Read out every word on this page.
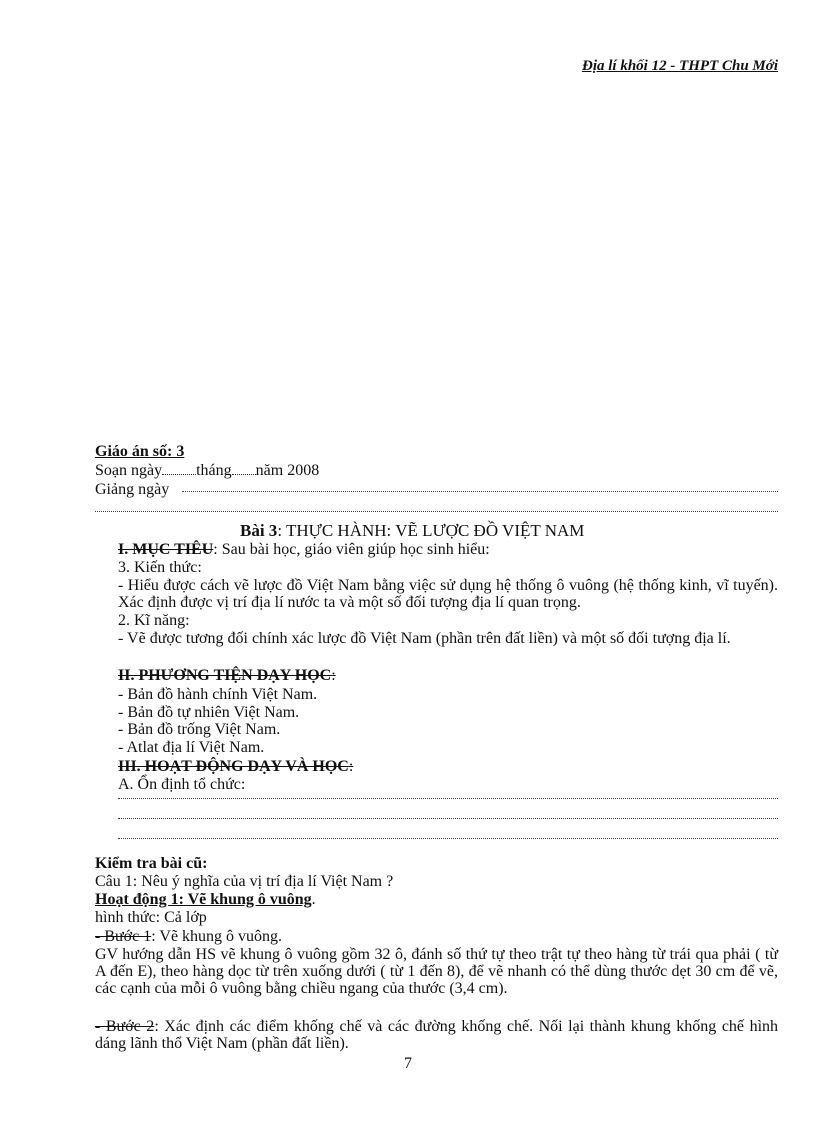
Địa lí khối 12 - THPT Chu Mới
Giáo án số: 3
Soạn ngày tháng năm 2008
Giảng ngày
Bài 3: THỰC HÀNH: VẼ LƯỢC ĐỒ VIỆT NAM
I. MỤC TIÊU: Sau bài học, giáo viên giúp học sinh hiểu:
3. Kiến thức:
- Hiểu được cách vẽ lược đồ Việt Nam bằng việc sử dụng hệ thống ô vuông (hệ thống kinh, vĩ tuyến). Xác định được vị trí địa lí nước ta và một số đối tượng địa lí quan trọng.
2. Kĩ năng:
- Vẽ được tương đối chính xác lược đồ Việt Nam (phần trên đất liền) và một số đối tượng địa lí.
II. PHƯƠNG TIỆN DẠY HỌC:
- Bản đồ hành chính Việt Nam.
- Bản đồ tự nhiên Việt Nam.
- Bản đồ trống Việt Nam.
- Atlat địa lí Việt Nam.
III. HOẠT ĐỘNG DẠY VÀ HỌC:
A. Ổn định tổ chức:
Kiểm tra bài cũ:
Câu 1: Nêu ý nghĩa của vị trí địa lí Việt Nam ?
Hoạt động 1: Vẽ khung ô vuông.
hình thức: Cả lớp
- Bước 1: Vẽ khung ô vuông.
GV hướng dẫn HS vẽ khung ô vuông gồm 32 ô, đánh số thứ tự theo trật tự theo hàng từ trái qua phải ( từ A đến E), theo hàng dọc từ trên xuống dưới ( từ 1 đến 8), để vẽ nhanh có thể dùng thước dẹt 30 cm để vẽ, các cạnh của mỗi ô vuông bằng chiều ngang của thước (3,4 cm).
- Bước 2: Xác định các điểm khống chế và các đường khống chế. Nối lại thành khung khống chế hình dáng lãnh thổ Việt Nam (phần đất liền).
7
